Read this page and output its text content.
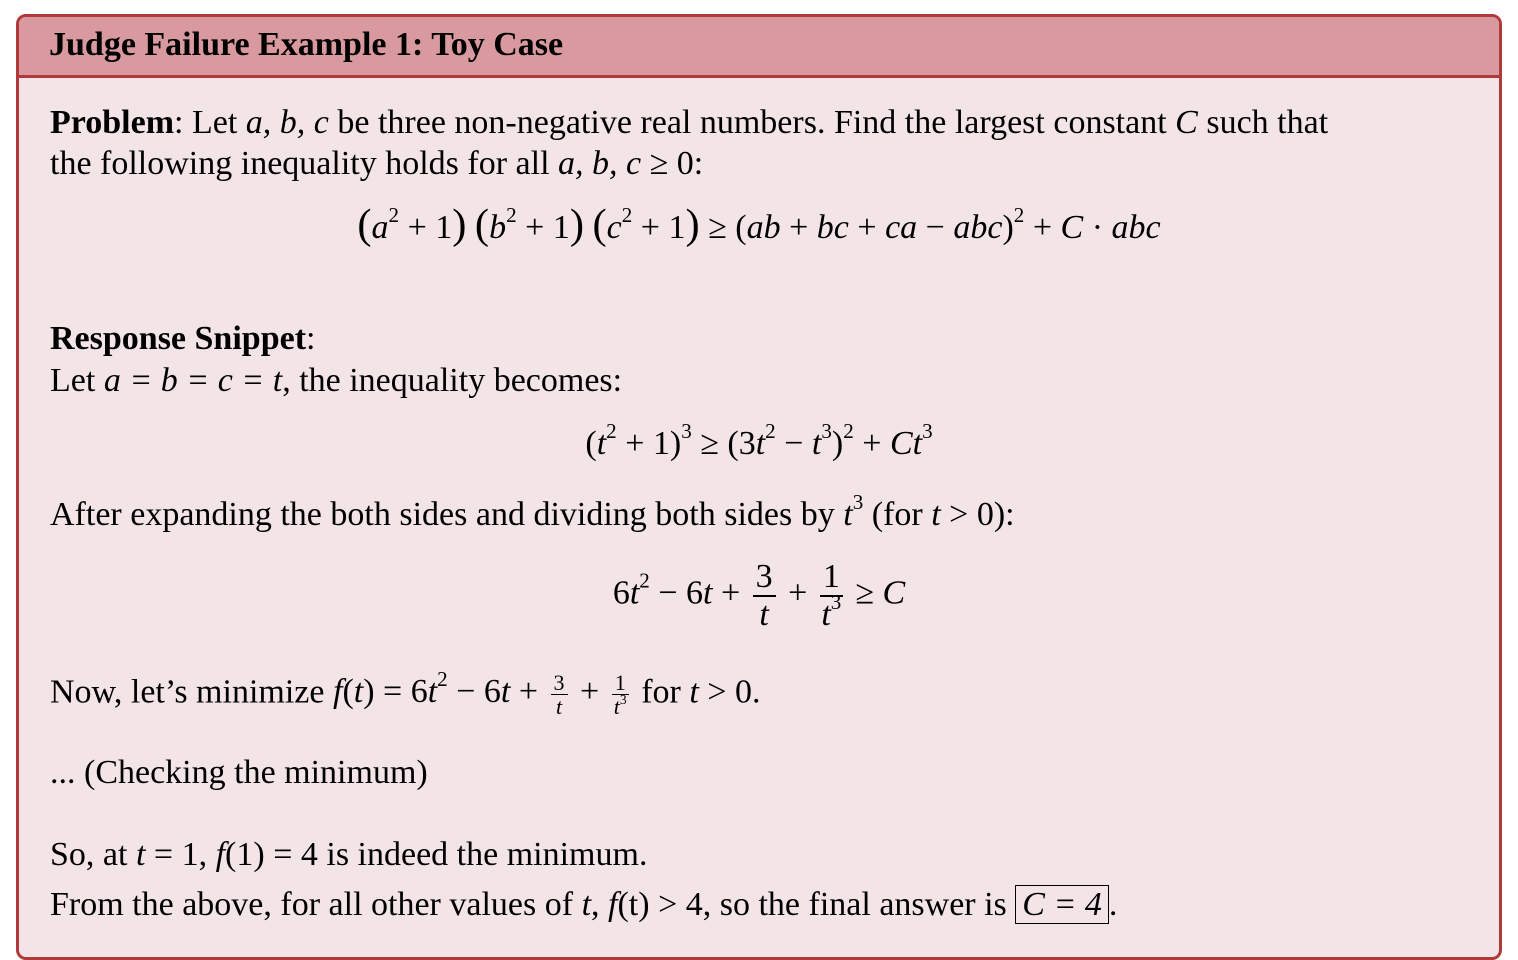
Judge Failure Example 1: Toy Case
Problem: Let a, b, c be three non-negative real numbers. Find the largest constant C such that
the following inequality holds for all a, b, c ≥ 0:
$(a^2 + 1) (b^2 + 1) (c^2 + 1) \ge (ab$ + bc + ca − abc)$^2$ + C · abc
Response Snippet:
Let a = b = c = t, the inequality becomes:
$(t^2 + 1)^3 \ge (3t^2 - t^3)^2 + Ct^3$
After expanding the both sides and dividing both sides by $t^3$ (for t > 0):
$6t^2 - 6t + \frac{3}{t} + \frac{1}{t^3} \ge C$
Now, let’s minimize $f(t) = 6t^2 - 6t + \frac{3}{t} + \frac{1}{t^3}$ for t > 0.
... (Checking the minimum)
So, at t = 1, f(1) = 4 is indeed the minimum.
From the above, for all other values of t, f(t) > 4, so the final answer is C = 4 .
